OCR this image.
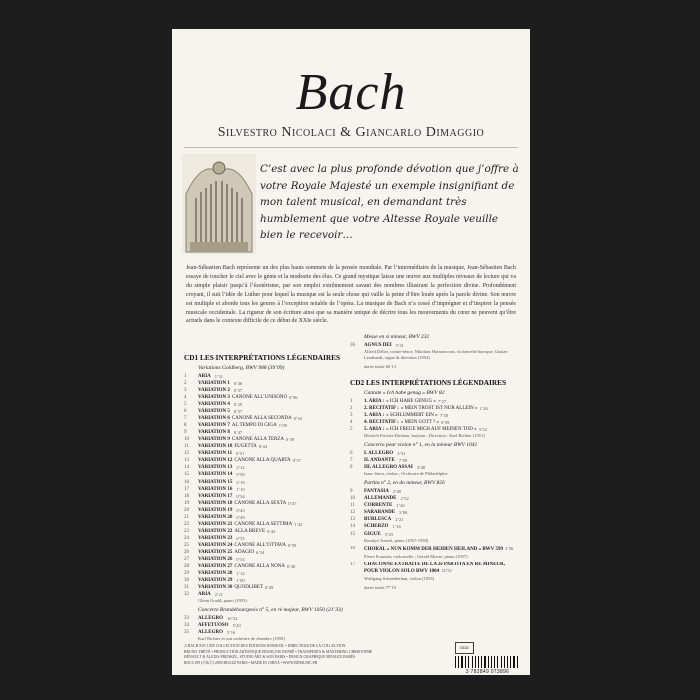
Bach
Silvestro Nicolaci & Giancarlo Dimaggio
C’est avec la plus profonde dévotion que j’offre à votre Royale Majesté un exemple insignifiant de mon talent musical, en demandant très humblement que votre Altesse Royale veuille bien le recevoir…
Jean-Sébastien Bach représente un des plus hauts sommets de la pensée mondiale. Par l’intermédiaire de la musique, Jean-Sébastien Bach essaye de toucher le ciel avec le génie et la modestie des élus. Ce grand mystique laisse une œuvre aux multiples niveaux de lecture qui va du simple plaisir jusqu’à l’ésotérisme, par son emploi extrêmement savant des nombres illustrant la perfection divine. Profondément croyant, il suit l’idée de Luther pour lequel la musique est la seule chose qui vaille la peine d’être louée après la parole divine. Son œuvre est multiple et aborde tous les genres à l’exception notable de l’opéra. La musique de Bach n’a cessé d’imprégner et d’inspirer la pensée musicale occidentale. La rigueur de son écriture ainsi que sa manière unique de décrire tous les mouvements du cœur ne peuvent qu’être actuels dans le contexte difficile de ce début de XXIe siècle.
CD1 LES INTERPRÉTATIONS LÉGENDAIRES
Variations Goldberg, BWV 988 (39’09)
1	ARIA 1’51
2	VARIATION 1 0’46
3	VARIATION 2 0’37
4	VARIATION 3 CANONE ALL’UNISONO 0’56
5	VARIATION 4 0’29
6	VARIATION 5 0’37
7	VARIATION 6 CANONE ALLA SECONDA 0’34
8	VARIATION 7 AL TEMPO DI GIGA 1’09
9	VARIATION 8 0’47
10	VARIATION 9 CANONE ALLA TERZA 0’39
11	VARIATION 10 FUGETTA 0’44
12	VARIATION 11 0’51
13	VARIATION 12 CANONE ALLA QUARTA 0’57
14	VARIATION 13 2’12
15	VARIATION 14 0’59
16	VARIATION 15 2’19
17	VARIATION 16 1’19
18	VARIATION 17 0’54
19	VARIATION 18 CANONE ALLA SEXTA 0’47
20	VARIATION 19 0’43
21	VARIATION 20 0’49
22	VARIATION 21 CANONE ALLA SETTIMA 1’43
23	VARIATION 22 ALLA BREVE 0’43
24	VARIATION 23 0’55
25	VARIATION 24 CANONE ALL’OTTAVA 0’59
26	VARIATION 25 ADAGIO 6’34
27	VARIATION 26 0’53
28	VARIATION 27 CANONE ALLA NONA 0’40
29	VARIATION 28 1’12
30	VARIATION 29 1’00
31	VARIATION 30 QUODLIBET 0’49
32	ARIA 2’21
Glenn Gould, piano (1955)
Concerto Brandebourgeois n° 5, en ré majeur, BWV 1050 (21’33)
33	ALLEGRO 10’32
34	AFFETUOSO 5’43
35	ALLEGRO 5’16
Karl Richter et son orchestre de chambre (1958)
Messe en si mineur, BWV 232
36	AGNUS DEI 5’31
Alfred Deller, contre-ténor; Nikolaus Harnoncourt, violoncelle baroque; Gustav Leonhardt, orgue & direction (1954)
durée totale 66’13
CD2 LES INTERPRÉTATIONS LÉGENDAIRES
Cantate « Ich habe genug » BWV 82
1	1. ARIA : « ICH HABE GENUG » 7’27
2	2. RÉCITATIF : « MEIN TROST IST NUR ALLEIN » 1’26
3	3. ARIA : « SCHLUMMERT EIN » 7’38
4	4. RÉCITATIF : « MEIN GOTT ? » 0’59
5	5. ARIA : « ICH FREUE MICH AUF MEINEN TOD » 3’52
Dietrich Fischer-Dieskau, baryton ; Direction : Karl Richter (1951)
Concerto pour violon n° 1, en la mineur BWV 1041
6	I. ALLEGRO 3’31
7	II. ANDANTE 7’09
8	III. ALLEGRO ASSAI 3’48
Isaac Stern, violon ; Orchestre de Philadelphie
Partita n° 2, en do mineur, BWV 826
9	FANTASIA 2’00
10	ALLEMANDE 2’52
11	CORRENTE 1’26
12	SARABANDE 3’06
13	BURLESCA 2’21
14	SCHERZO 1’16
15	GIGUE 3’29
Rosalyn Tureck, piano (1957-1958)
16	CHORAL « NUN KOMM DER HEIDEN HEILAND » BWV 599 3’56
Pierre Fournier, violoncelle ; Gerald Moore, piano (1957)
17	CHACONNE EXTRAITE DE LA 2e PARTITA EN RÉ MINEUR, POUR VIOLON SOLO BWV 1004 14’52
Wolfgang Schneiderhan, violon (1955)
durée totale 77’19
Ↄ BACH EST UNE COLLECTION DES ÉDITIONS ROMUSIC • DIRECTEUR DE LA COLLECTION
BRUNO THÉVÉ • PRODUCTION ARTISTIQUE FRANÇOIS DUPRÉ • TRANSFERTS & MASTERING CHRISTOPHE
HÉNAULT & ALEXIS FRENKEL, STUDIO ART & SON PARIS • DESIGN GRAPHIQUE RENAUD BARÈS
ROCC189 (Ⓟ&Ⓒ) 2009 BDAZZ PARIS • MADE IN CHINA • WWW.BDMUSIC.FR
DDD
3 782849 073896
